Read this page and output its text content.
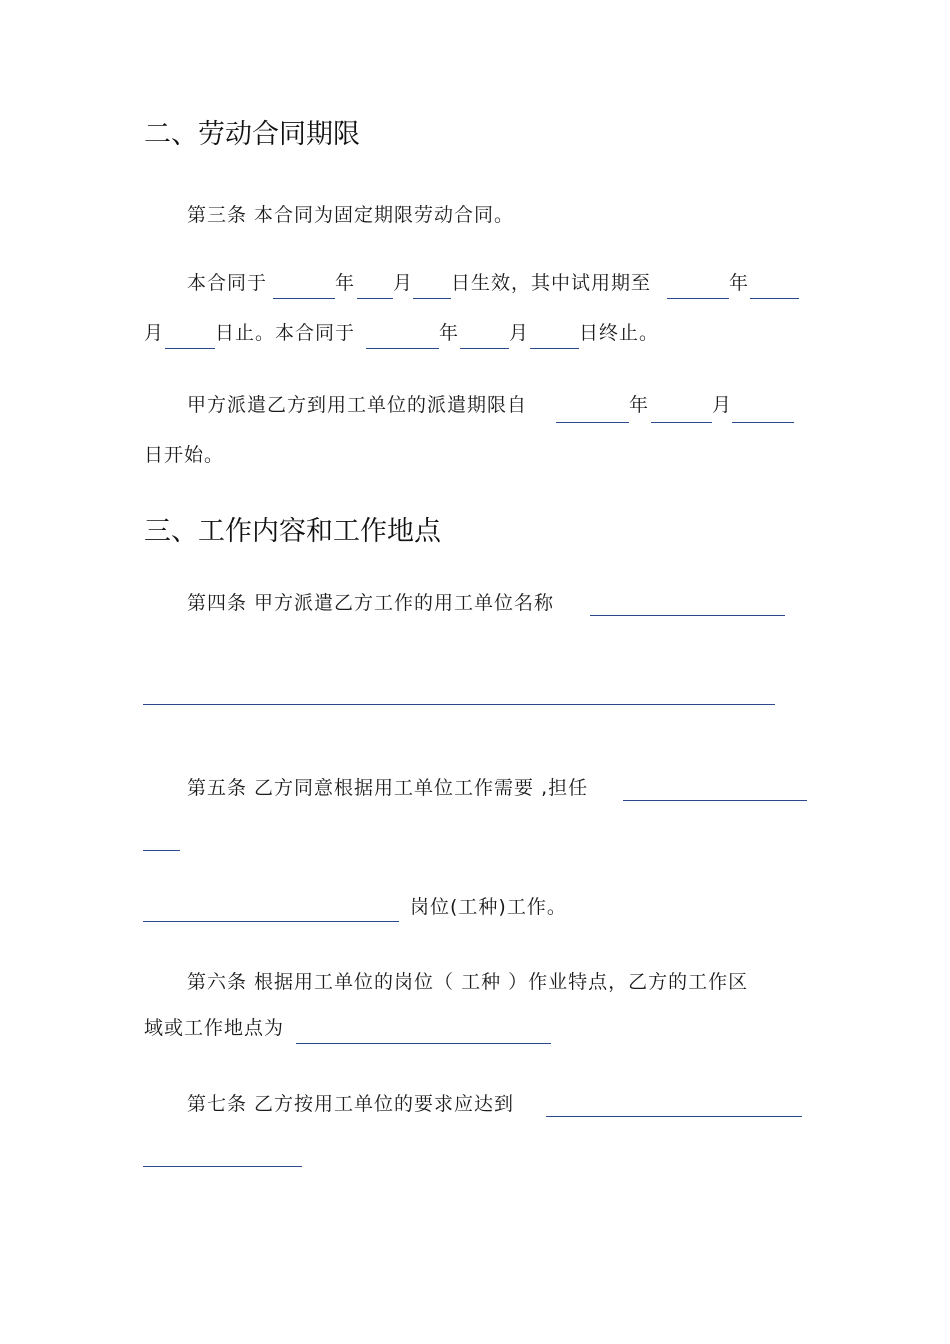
二、劳动合同期限
第三条 本合同为固定期限劳动合同。
本合同于	年 月 日生效，其中试用期至	年
月	日止。本合同于	年	月	日终止。
甲方派遣乙方到用工单位的派遣期限自	年	月
日开始。
三、工作内容和工作地点
第四条 甲方派遣乙方工作的用工单位名称
第五条 乙方同意根据用工单位工作需要 ,担任
岗位(工种)工作。
第六条 根据用工单位的岗位（ 工种 ）作业特点，乙方的工作区
域或工作地点为
第七条 乙方按用工单位的要求应达到
